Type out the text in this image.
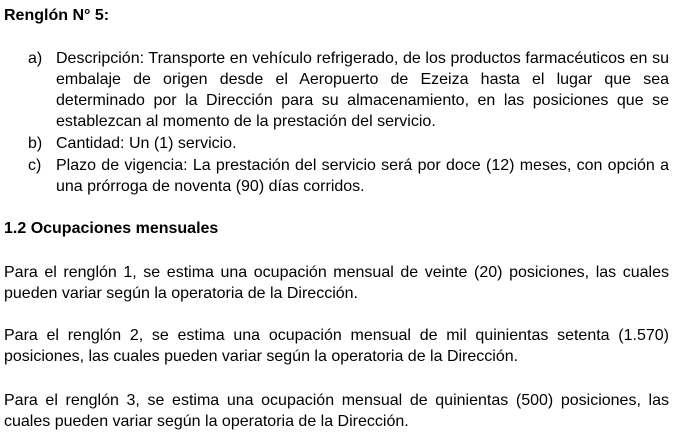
Renglón N° 5:
a) Descripción: Transporte en vehículo refrigerado, de los productos farmacéuticos en su embalaje de origen desde el Aeropuerto de Ezeiza hasta el lugar que sea determinado por la Dirección para su almacenamiento, en las posiciones que se establezcan al momento de la prestación del servicio.
b) Cantidad: Un (1) servicio.
c) Plazo de vigencia: La prestación del servicio será por doce (12) meses, con opción a una prórroga de noventa (90) días corridos.
1.2 Ocupaciones mensuales
Para el renglón 1, se estima una ocupación mensual de veinte (20) posiciones, las cuales pueden variar según la operatoria de la Dirección.
Para el renglón 2, se estima una ocupación mensual de mil quinientas setenta (1.570) posiciones, las cuales pueden variar según la operatoria de la Dirección.
Para el renglón 3, se estima una ocupación mensual de quinientas (500) posiciones, las cuales pueden variar según la operatoria de la Dirección.
